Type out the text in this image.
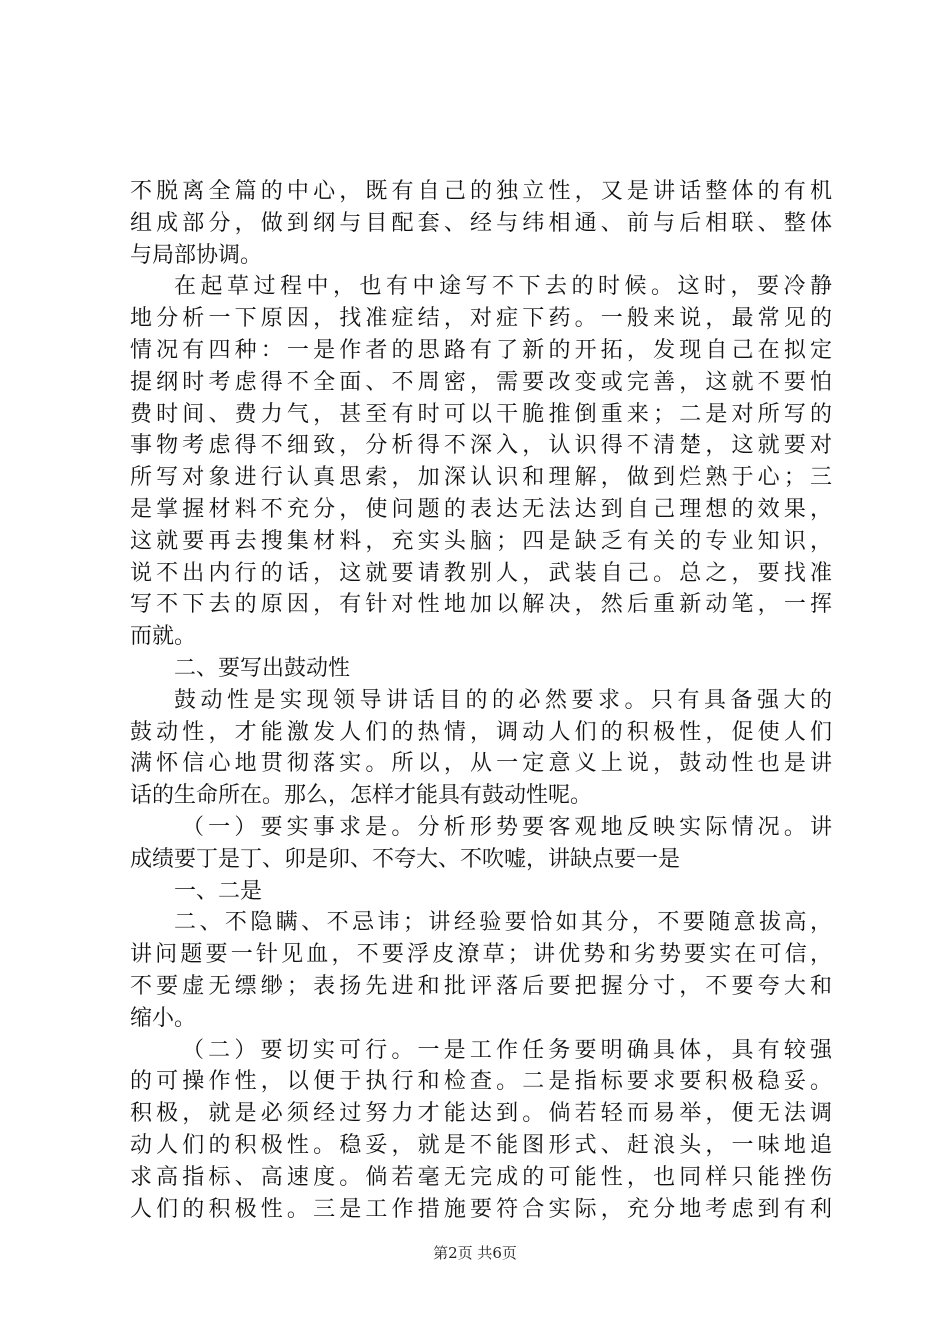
不脱离全篇的中心，既有自己的独立性，又是讲话整体的有机
组成部分，做到纲与目配套、经与纬相通、前与后相联、整体
与局部协调。
在起草过程中，也有中途写不下去的时候。这时，要冷静
地分析一下原因，找准症结，对症下药。一般来说，最常见的
情况有四种：一是作者的思路有了新的开拓，发现自己在拟定
提纲时考虑得不全面、不周密，需要改变或完善，这就不要怕
费时间、费力气，甚至有时可以干脆推倒重来；二是对所写的
事物考虑得不细致，分析得不深入，认识得不清楚，这就要对
所写对象进行认真思索，加深认识和理解，做到烂熟于心；三
是掌握材料不充分，使问题的表达无法达到自己理想的效果，
这就要再去搜集材料，充实头脑；四是缺乏有关的专业知识，
说不出内行的话，这就要请教别人，武装自己。总之，要找准
写不下去的原因，有针对性地加以解决，然后重新动笔，一挥
而就。
二、要写出鼓动性
鼓动性是实现领导讲话目的的必然要求。只有具备强大的
鼓动性，才能激发人们的热情，调动人们的积极性，促使人们
满怀信心地贯彻落实。所以，从一定意义上说，鼓动性也是讲
话的生命所在。那么，怎样才能具有鼓动性呢。
（一）要实事求是。分析形势要客观地反映实际情况。讲
成绩要丁是丁、卯是卯、不夸大、不吹嘘，讲缺点要一是
一、二是
二、不隐瞒、不忌讳；讲经验要恰如其分，不要随意拔高，
讲问题要一针见血，不要浮皮潦草；讲优势和劣势要实在可信，
不要虚无缥缈；表扬先进和批评落后要把握分寸，不要夸大和
缩小。
（二）要切实可行。一是工作任务要明确具体，具有较强
的可操作性，以便于执行和检查。二是指标要求要积极稳妥。
积极，就是必须经过努力才能达到。倘若轻而易举，便无法调
动人们的积极性。稳妥，就是不能图形式、赶浪头，一味地追
求高指标、高速度。倘若毫无完成的可能性，也同样只能挫伤
人们的积极性。三是工作措施要符合实际，充分地考虑到有利
第2页 共6页
